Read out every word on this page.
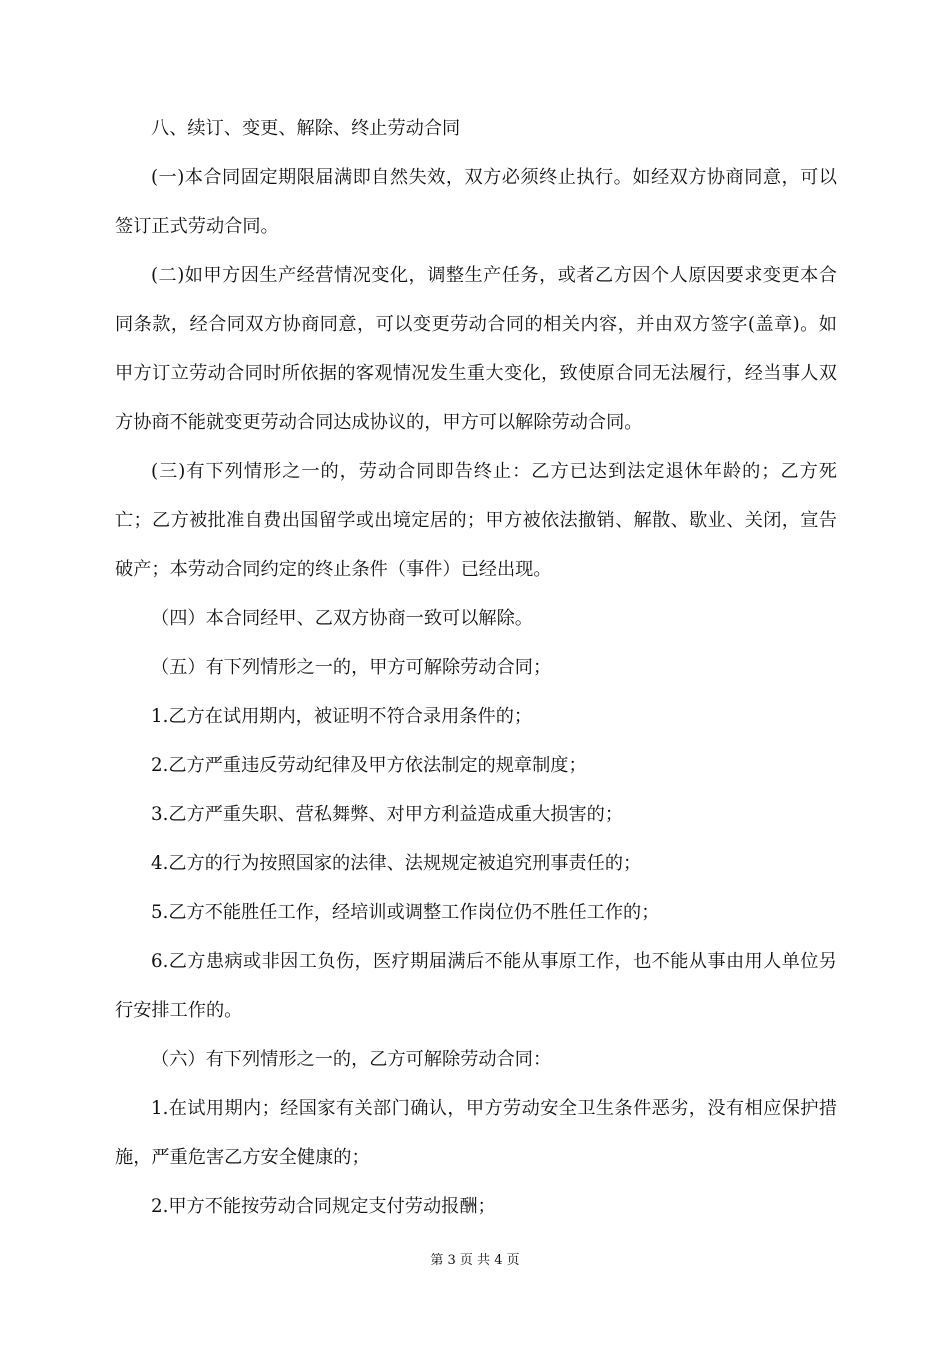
八、续订、变更、解除、终止劳动合同

(一)本合同固定期限届满即自然失效，双方必须终止执行。如经双方协商同意，可以签订正式劳动合同。

(二)如甲方因生产经营情况变化，调整生产任务，或者乙方因个人原因要求变更本合同条款，经合同双方协商同意，可以变更劳动合同的相关内容，并由双方签字(盖章)。如甲方订立劳动合同时所依据的客观情况发生重大变化，致使原合同无法履行，经当事人双方协商不能就变更劳动合同达成协议的，甲方可以解除劳动合同。

(三)有下列情形之一的，劳动合同即告终止：乙方已达到法定退休年龄的；乙方死亡；乙方被批准自费出国留学或出境定居的；甲方被依法撤销、解散、歇业、关闭，宣告破产；本劳动合同约定的终止条件（事件）已经出现。

（四）本合同经甲、乙双方协商一致可以解除。

（五）有下列情形之一的，甲方可解除劳动合同；

1.乙方在试用期内，被证明不符合录用条件的；

2.乙方严重违反劳动纪律及甲方依法制定的规章制度；

3.乙方严重失职、营私舞弊、对甲方利益造成重大损害的；

4.乙方的行为按照国家的法律、法规规定被追究刑事责任的；

5.乙方不能胜任工作，经培训或调整工作岗位仍不胜任工作的；

6.乙方患病或非因工负伤，医疗期届满后不能从事原工作，也不能从事由用人单位另行安排工作的。

（六）有下列情形之一的，乙方可解除劳动合同：

1.在试用期内；经国家有关部门确认，甲方劳动安全卫生条件恶劣，没有相应保护措施，严重危害乙方安全健康的；

2.甲方不能按劳动合同规定支付劳动报酬；

第 3 页 共 4 页
